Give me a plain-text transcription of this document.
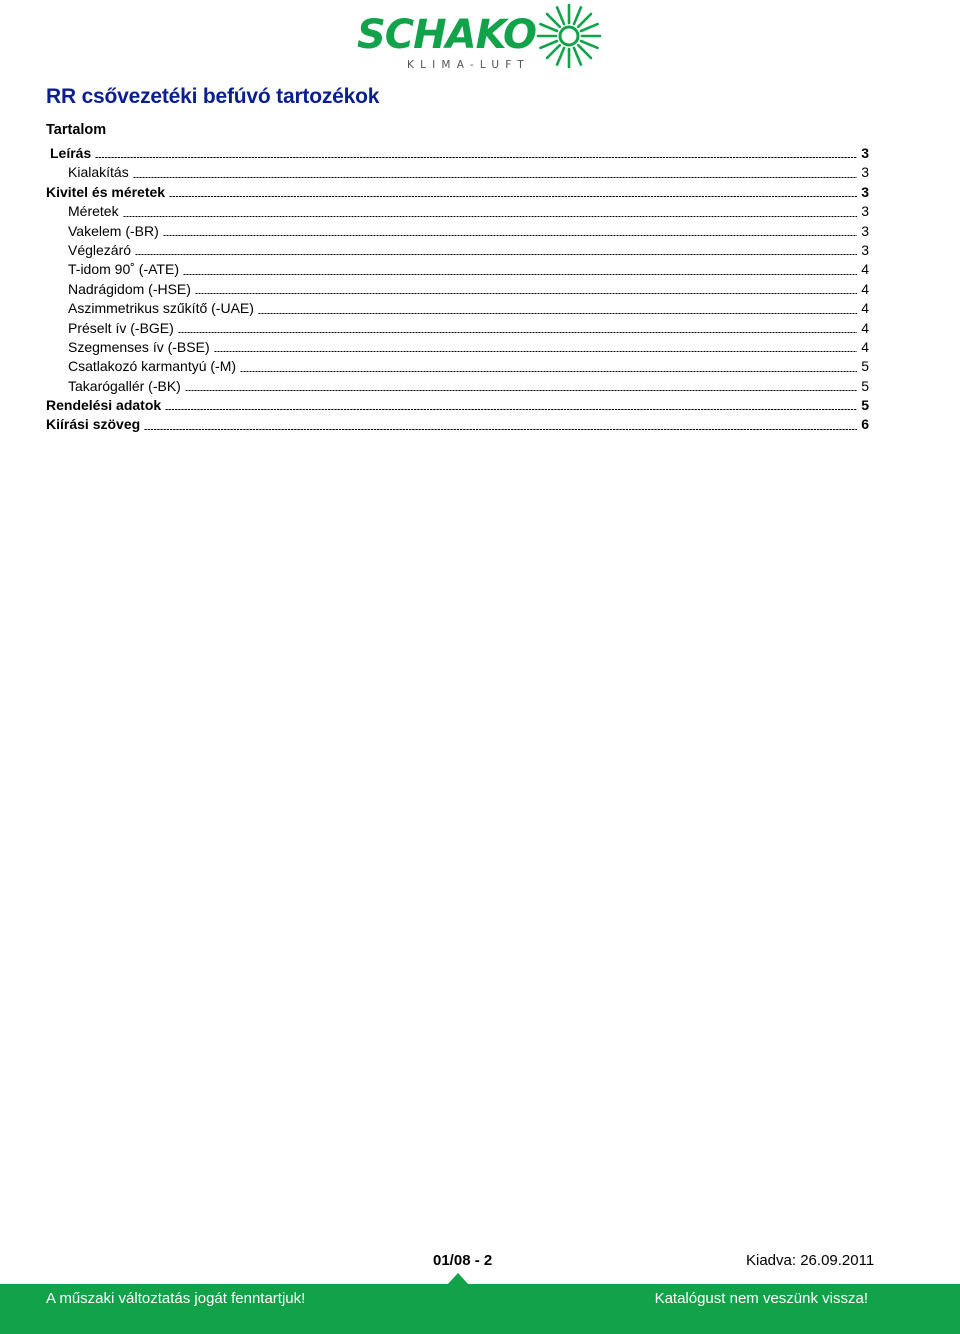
SCHAKO
KLIMA-LUFT
RR csővezetéki befúvó tartozékok
Tartalom
Leírás	3
Kialakítás	3
Kivitel és méretek	3
Méretek	3
Vakelem (-BR)	3
Véglezáró	3
T-idom 90˚ (-ATE)	4
Nadrágidom (-HSE)	4
Aszimmetrikus szűkítő (-UAE)	4
Préselt ív (-BGE)	4
Szegmenses ív (-BSE)	4
Csatlakozó karmantyú (-M)	5
Takarógallér (-BK)	5
Rendelési adatok	5
Kiírási szöveg	6
01/08 - 2	Kiadva: 26.09.2011
A műszaki változtatás jogát fenntartjuk!	Katalógust nem veszünk vissza!
